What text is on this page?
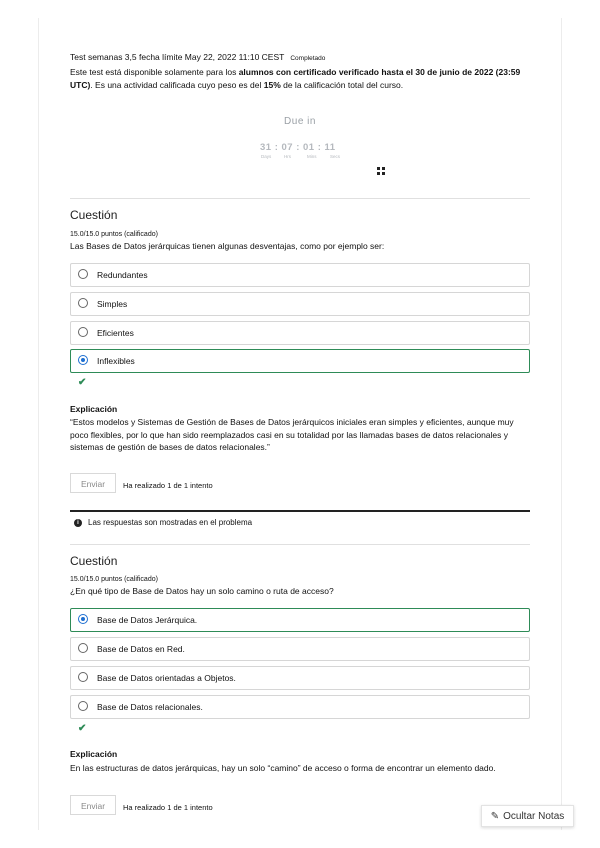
Test semanas 3,5 fecha límite May 22, 2022 11:10 CEST Completado
Este test está disponible solamente para los alumnos con certificado verificado hasta el 30 de junio de 2022 (23:59 UTC). Es una actividad calificada cuyo peso es del 15% de la calificación total del curso.
Due in
31 : 07 : 01 : 11
Days	Hrs	Mins	Secs
Cuestión
15.0/15.0 puntos (calificado)
Las Bases de Datos jerárquicas tienen algunas desventajas, como por ejemplo ser:
Redundantes
Simples
Eficientes
Inflexibles
✔
Explicación
“Estos modelos y Sistemas de Gestión de Bases de Datos jerárquicos iniciales eran simples y eficientes, aunque muy poco flexibles, por lo que han sido reemplazados casi en su totalidad por las llamadas bases de datos relacionales y sistemas de gestión de bases de datos relacionales.”
Enviar	Ha realizado 1 de 1 intento
i Las respuestas son mostradas en el problema
Cuestión
15.0/15.0 puntos (calificado)
¿En qué tipo de Base de Datos hay un solo camino o ruta de acceso?
Base de Datos Jerárquica.
Base de Datos en Red.
Base de Datos orientadas a Objetos.
Base de Datos relacionales.
✔
Explicación
En las estructuras de datos jerárquicas, hay un solo “camino” de acceso o forma de encontrar un elemento dado.
Enviar	Ha realizado 1 de 1 intento
✎ Ocultar Notas
